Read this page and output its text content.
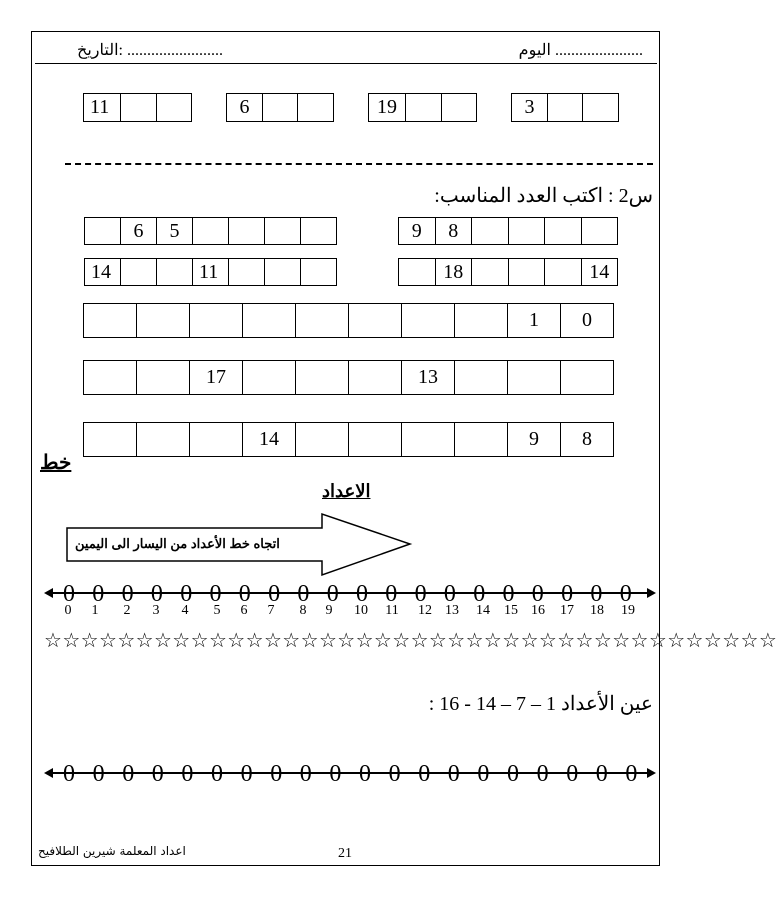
اليوم ......................
التاريخ: ........................
11	6	19	3
س2 : اكتب العدد المناسب:
6	5	9	8
14	11	18	14
1	0
17	13
14	9	8
خط
الاعداد
0
0
0
1
0
2
0
3
0
4
0
5
0
6
0
7
0
8
0
9
0
10
0
11
0
12
0
13
0
14
0
15
0
16
0
17
0
18
0
19
0 0 0 0 0 0 0 0 0 0 0 0 0 0 0 0 0 0 0 0
اتجاه خط الأعداد من اليسار الى اليمين
☆☆☆☆☆☆☆☆☆☆☆☆☆☆☆☆☆☆☆☆☆☆☆☆☆☆☆☆☆☆☆☆☆☆☆☆☆☆☆☆
عين الأعداد 1 – 7 – 14 - 16 :
اعداد المعلمة شيرين الطلافيح	21
